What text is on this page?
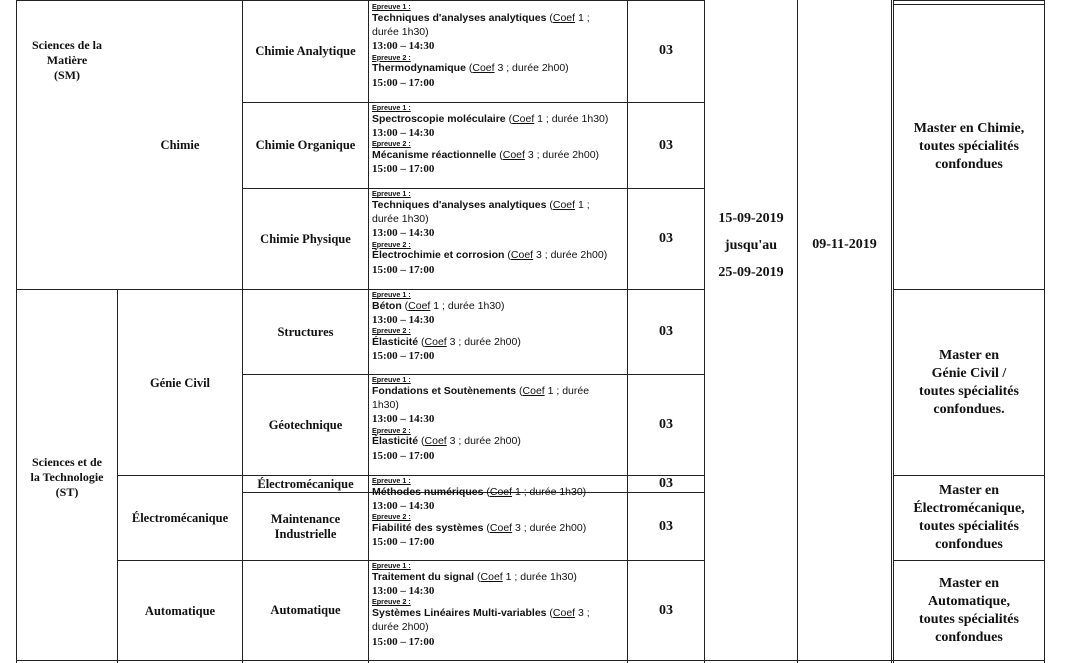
Sciences de la
Matière
(SM)
Sciences et de
la Technologie
(ST)
Chimie
Génie Civil
Électromécanique
Automatique
Chimie Analytique
Chimie Organique
Chimie Physique
Structures
Géotechnique
Électromécanique
Maintenance
Industrielle
Automatique
Epreuve 1 :
Techniques d'analyses analytiques (Coef 1 ;
durée 1h30)
13:00 – 14:30
Epreuve 2 :
Thermodynamique (Coef 3 ; durée 2h00)
15:00 – 17:00
Epreuve 1 :
Spectroscopie moléculaire (Coef 1 ; durée 1h30)
13:00 – 14:30
Epreuve 2 :
Mécanisme réactionnelle (Coef 3 ; durée 2h00)
15:00 – 17:00
Epreuve 1 :
Techniques d'analyses analytiques (Coef 1 ;
durée 1h30)
13:00 – 14:30
Epreuve 2 :
Électrochimie et corrosion (Coef 3 ; durée 2h00)
15:00 – 17:00
Epreuve 1 :
Béton (Coef 1 ; durée 1h30)
13:00 – 14:30
Epreuve 2 :
Élasticité (Coef 3 ; durée 2h00)
15:00 – 17:00
Epreuve 1 :
Fondations et Soutènements (Coef 1 ; durée
1h30)
13:00 – 14:30
Epreuve 2 :
Élasticité (Coef 3 ; durée 2h00)
15:00 – 17:00
Epreuve 1 :
Méthodes numériques (Coef 1 ; durée 1h30)
13:00 – 14:30
Epreuve 2 :
Fiabilité des systèmes (Coef 3 ; durée 2h00)
15:00 – 17:00
Epreuve 1 :
Traitement du signal (Coef 1 ; durée 1h30)
13:00 – 14:30
Epreuve 2 :
Systèmes Linéaires Multi-variables (Coef 3 ;
durée 2h00)
15:00 – 17:00
03
03
03
03
03
03
03
03
15-09-2019
jusqu'au
25-09-2019
09-11-2019
Master en Chimie,
toutes spécialités
confondues
Master en
Génie Civil /
toutes spécialités
confondues.
Master en
Électromécanique,
toutes spécialités
confondues
Master en
Automatique,
toutes spécialités
confondues
